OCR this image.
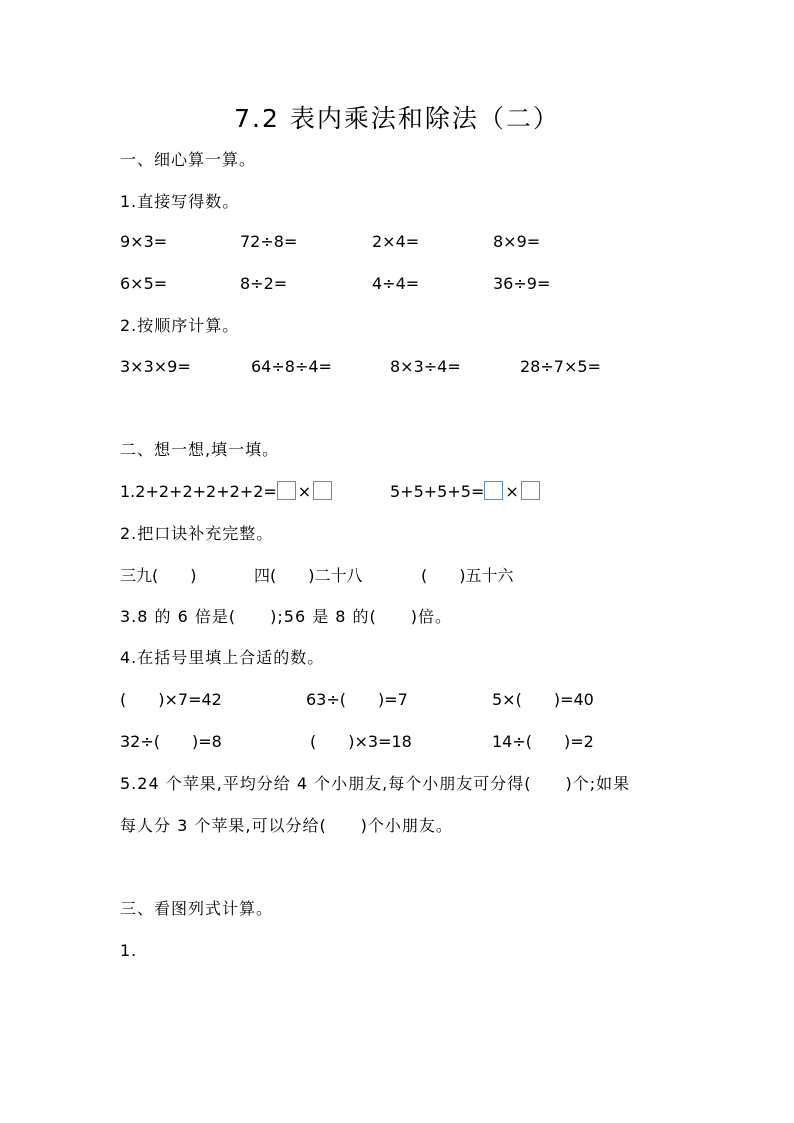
7.2 表内乘法和除法（二）
一、细心算一算。
1.直接写得数。
9×3=	72÷8=	2×4=	8×9=
6×5=	8÷2=	4÷4=	36÷9=
2.按顺序计算。
3×3×9=	64÷8÷4=	8×3÷4=	28÷7×5=
二、想一想,填一填。
1.2+2+2+2+2+2= ×	5+5+5+5= ×
2.把口诀补充完整。
三九(　　)	四(　　)二十八	(　　)五十六
3.8 的 6 倍是(　　);56 是 8 的(　　)倍。
4.在括号里填上合适的数。
(　　)×7=42	63÷(　　)=7	5×(　　)=40
32÷(　　)=8	(　　)×3=18	14÷(　　)=2
5.24 个苹果,平均分给 4 个小朋友,每个小朋友可分得(　　)个;如果
每人分 3 个苹果,可以分给(　　)个小朋友。
三、看图列式计算。
1.
